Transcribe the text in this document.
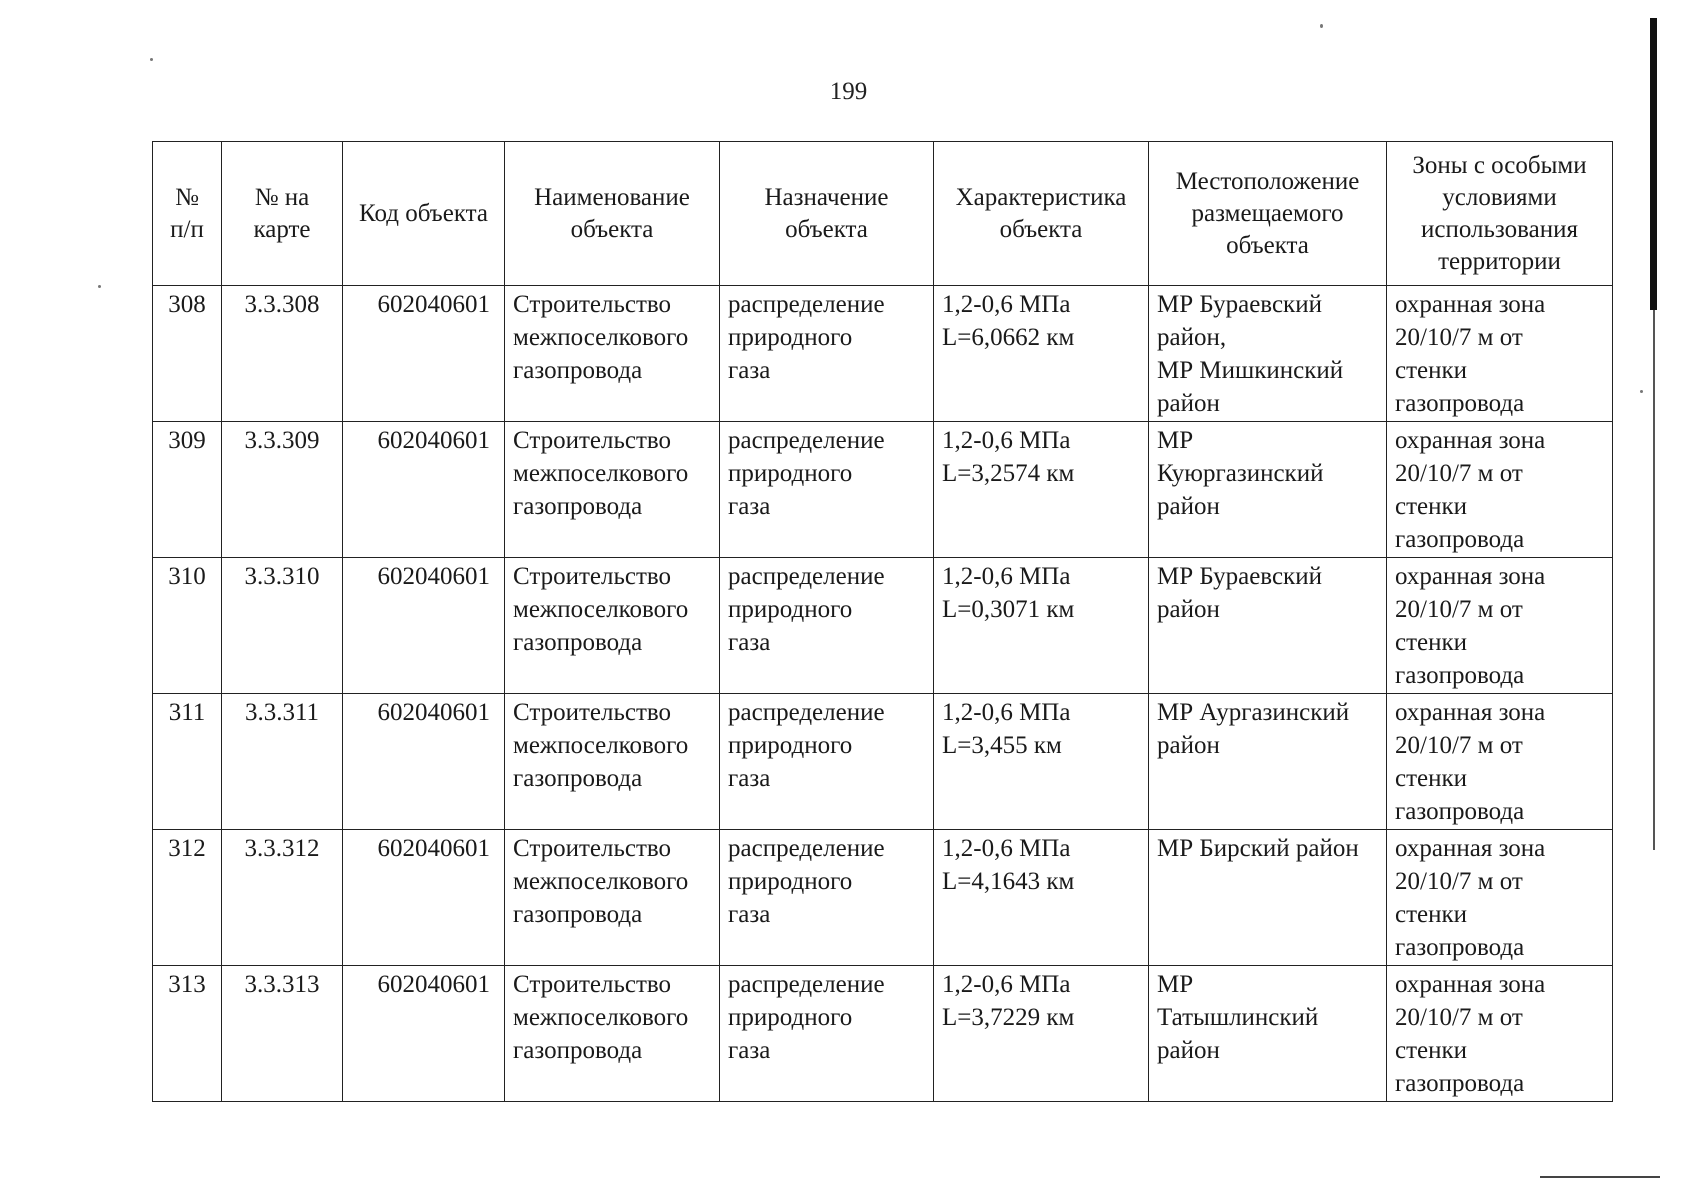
199
№
п/п	№ на
карте	Код объекта	Наименование
объекта	Назначение
объекта	Характеристика
объекта	Местоположение
размещаемого
объекта	Зоны с особыми
условиями
использования
территории
308	3.3.308	602040601	Строительство
межпоселкового
газопровода	распределение
природного
газа	1,2-0,6 МПа
L=6,0662 км	МР Бураевский
район,
МР Мишкинский
район	охранная зона
20/10/7 м от
стенки
газопровода
309	3.3.309	602040601	Строительство
межпоселкового
газопровода	распределение
природного
газа	1,2-0,6 МПа
L=3,2574 км	МР
Куюргазинский
район	охранная зона
20/10/7 м от
стенки
газопровода
310	3.3.310	602040601	Строительство
межпоселкового
газопровода	распределение
природного
газа	1,2-0,6 МПа
L=0,3071 км	МР Бураевский
район	охранная зона
20/10/7 м от
стенки
газопровода
311	3.3.311	602040601	Строительство
межпоселкового
газопровода	распределение
природного
газа	1,2-0,6 МПа
L=3,455 км	МР Аургазинский
район	охранная зона
20/10/7 м от
стенки
газопровода
312	3.3.312	602040601	Строительство
межпоселкового
газопровода	распределение
природного
газа	1,2-0,6 МПа
L=4,1643 км	МР Бирский район	охранная зона
20/10/7 м от
стенки
газопровода
313	3.3.313	602040601	Строительство
межпоселкового
газопровода	распределение
природного
газа	1,2-0,6 МПа
L=3,7229 км	МР
Татышлинский
район	охранная зона
20/10/7 м от
стенки
газопровода
